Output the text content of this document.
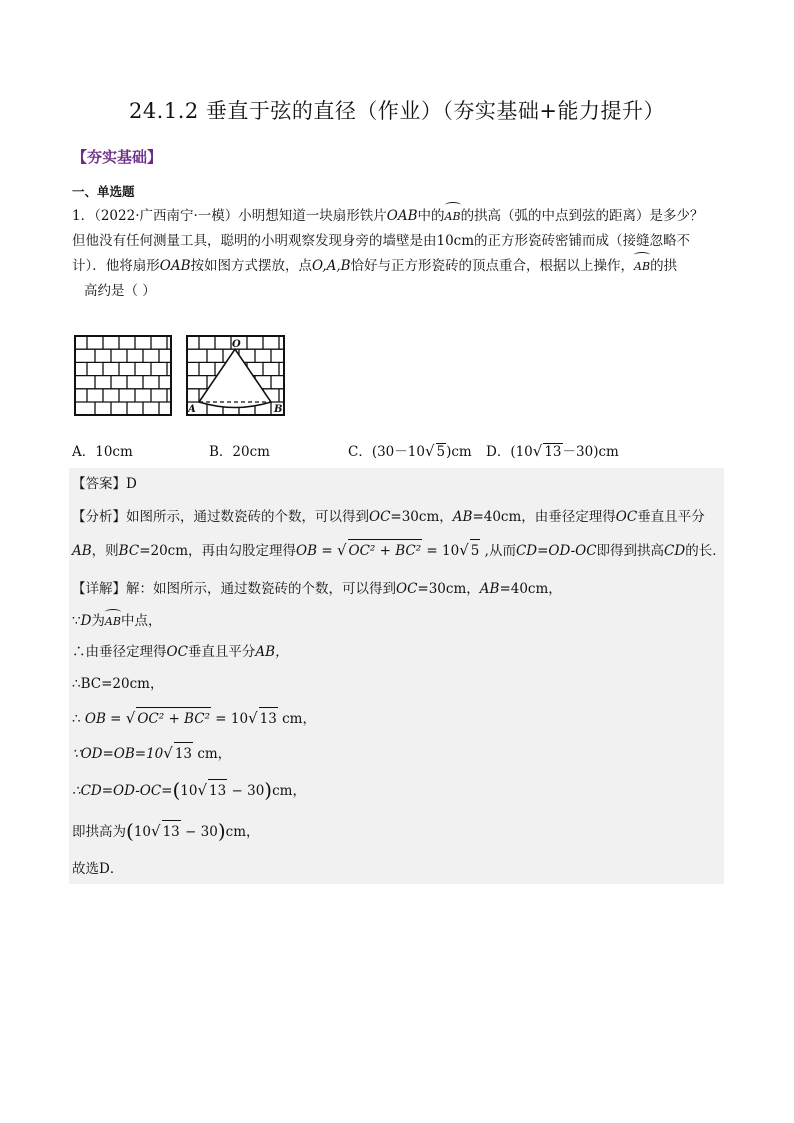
24.1.2 垂直于弦的直径（作业）（夯实基础+能力提升）
【夯实基础】
一、单选题
1．（2022·广西南宁·一模）小明想知道一块扇形铁片OAB中的AB的拱高（弧的中点到弦的距离）是多少？
但他没有任何测量工具，聪明的小明观察发现身旁的墙壁是由10cm的正方形瓷砖密铺而成（接缝忽略不
计）．他将扇形OAB按如图方式摆放，点O,A,B恰好与正方形瓷砖的顶点重合，根据以上操作，AB的拱
高约是（ ）
O
A	B
A．10cm	B．20cm	C．(30－10√ 5)cm D．(10√ 13－30)cm
【答案】D
【分析】如图所示，通过数瓷砖的个数，可以得到OC=30cm，AB=40cm，由垂径定理得OC垂直且平分
AB，则BC=20cm，再由勾股定理得OB = √ OC² + BC² = 10√ 5 ,从而CD=OD-OC即得到拱高CD的长．
【详解】解：如图所示，通过数瓷砖的个数，可以得到OC=30cm，AB=40cm，
∵D为AB中点，
∴由垂径定理得OC垂直且平分AB，
∴BC=20cm，
∴ OB = √ OC² + BC² = 10√ 13 cm，
∵OD=OB=10√ 13 cm，
∴CD=OD-OC=(10√ 13 − 30)cm，
即拱高为(10√ 13 − 30)cm，
故选D．
